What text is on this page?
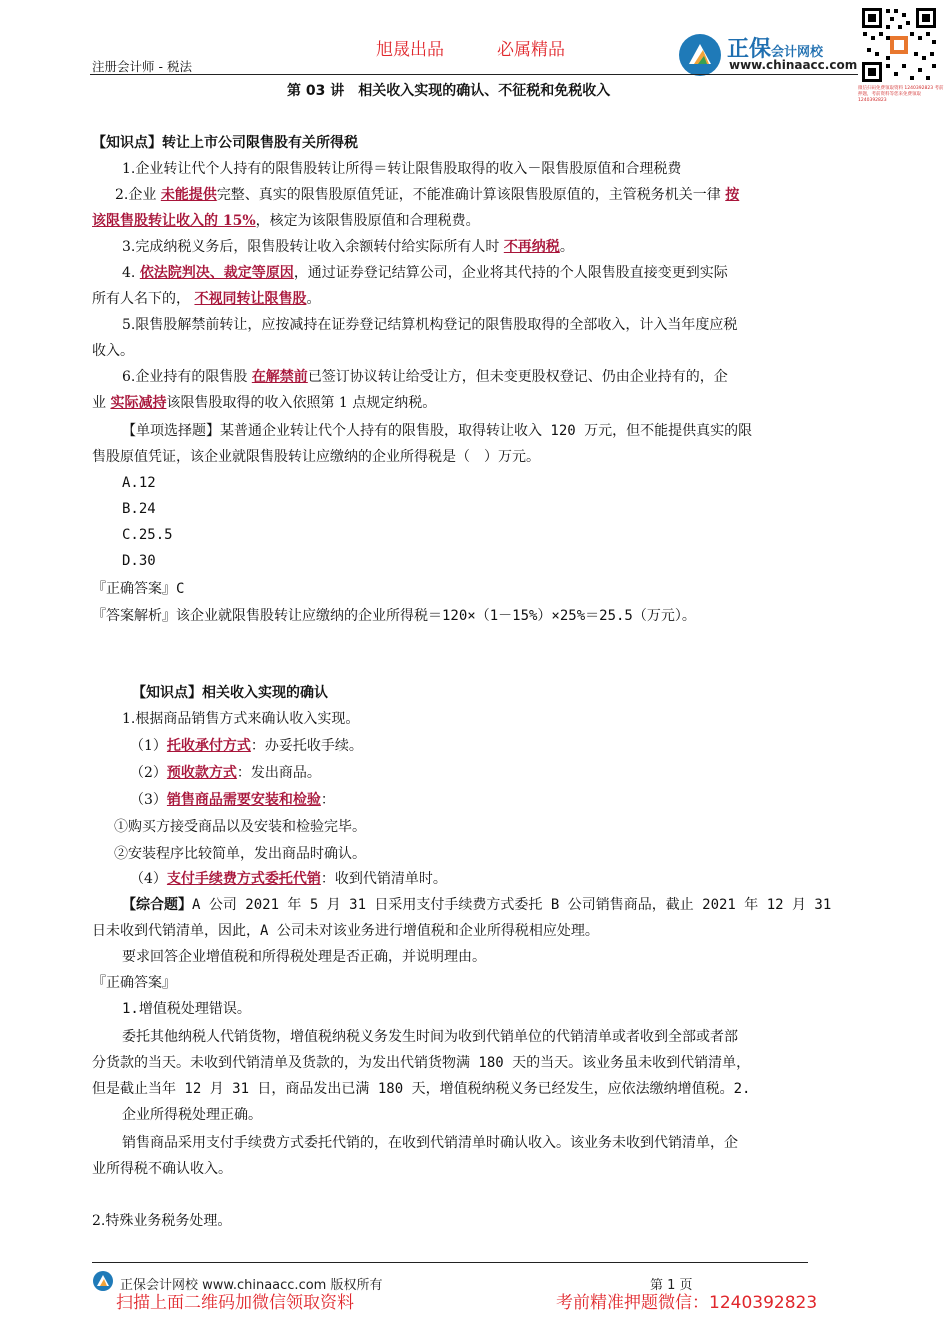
旭晟出品	必属精品
注册会计师 - 税法
正保会计网校
www.chinaacc.com
微信扫码免费领取资料 1240392823 考前押题，考前资料等您来免费领取 1240392823
第 03 讲　相关收入实现的确认、不征税和免税收入
【知识点】转让上市公司限售股有关所得税
1.企业转让代个人持有的限售股转让所得＝转让限售股取得的收入－限售股原值和合理税费
2.企业 未能提供完整、真实的限售股原值凭证，不能准确计算该限售股原值的，主管税务机关一律 按
该限售股转让收入的 15%，核定为该限售股原值和合理税费。
3.完成纳税义务后，限售股转让收入余额转付给实际所有人时 不再纳税。
4. 依法院判决、裁定等原因，通过证券登记结算公司，企业将其代持的个人限售股直接变更到实际
所有人名下的， 不视同转让限售股。
5.限售股解禁前转让，应按减持在证券登记结算机构登记的限售股取得的全部收入，计入当年度应税
收入。
6.企业持有的限售股 在解禁前已签订协议转让给受让方，但未变更股权登记、仍由企业持有的，企
业 实际减持该限售股取得的收入依照第 1 点规定纳税。
【单项选择题】某普通企业转让代个人持有的限售股，取得转让收入 120 万元，但不能提供真实的限
售股原值凭证，该企业就限售股转让应缴纳的企业所得税是（　）万元。
A.12
B.24
C.25.5
D.30
『正确答案』C
『答案解析』该企业就限售股转让应缴纳的企业所得税＝120×（1－15%）×25%＝25.5（万元）。
【知识点】相关收入实现的确认
1.根据商品销售方式来确认收入实现。
（1）托收承付方式：办妥托收手续。
（2）预收款方式：发出商品。
（3）销售商品需要安装和检验：
①购买方接受商品以及安装和检验完毕。
②安装程序比较简单，发出商品时确认。
（4）支付手续费方式委托代销：收到代销清单时。
【综合题】A 公司 2021 年 5 月 31 日采用支付手续费方式委托 B 公司销售商品，截止 2021 年 12 月 31
日未收到代销清单，因此，A 公司未对该业务进行增值税和企业所得税相应处理。
要求回答企业增值税和所得税处理是否正确，并说明理由。
『正确答案』
1.增值税处理错误。
委托其他纳税人代销货物，增值税纳税义务发生时间为收到代销单位的代销清单或者收到全部或者部
分货款的当天。未收到代销清单及货款的，为发出代销货物满 180 天的当天。该业务虽未收到代销清单，
但是截止当年 12 月 31 日，商品发出已满 180 天，增值税纳税义务已经发生，应依法缴纳增值税。2.
企业所得税处理正确。
销售商品采用支付手续费方式委托代销的，在收到代销清单时确认收入。该业务未收到代销清单，企
业所得税不确认收入。
2.特殊业务税务处理。
正保会计网校 www.chinaacc.com 版权所有	第 1 页
扫描上面二维码加微信领取资料	考前精准押题微信：1240392823
